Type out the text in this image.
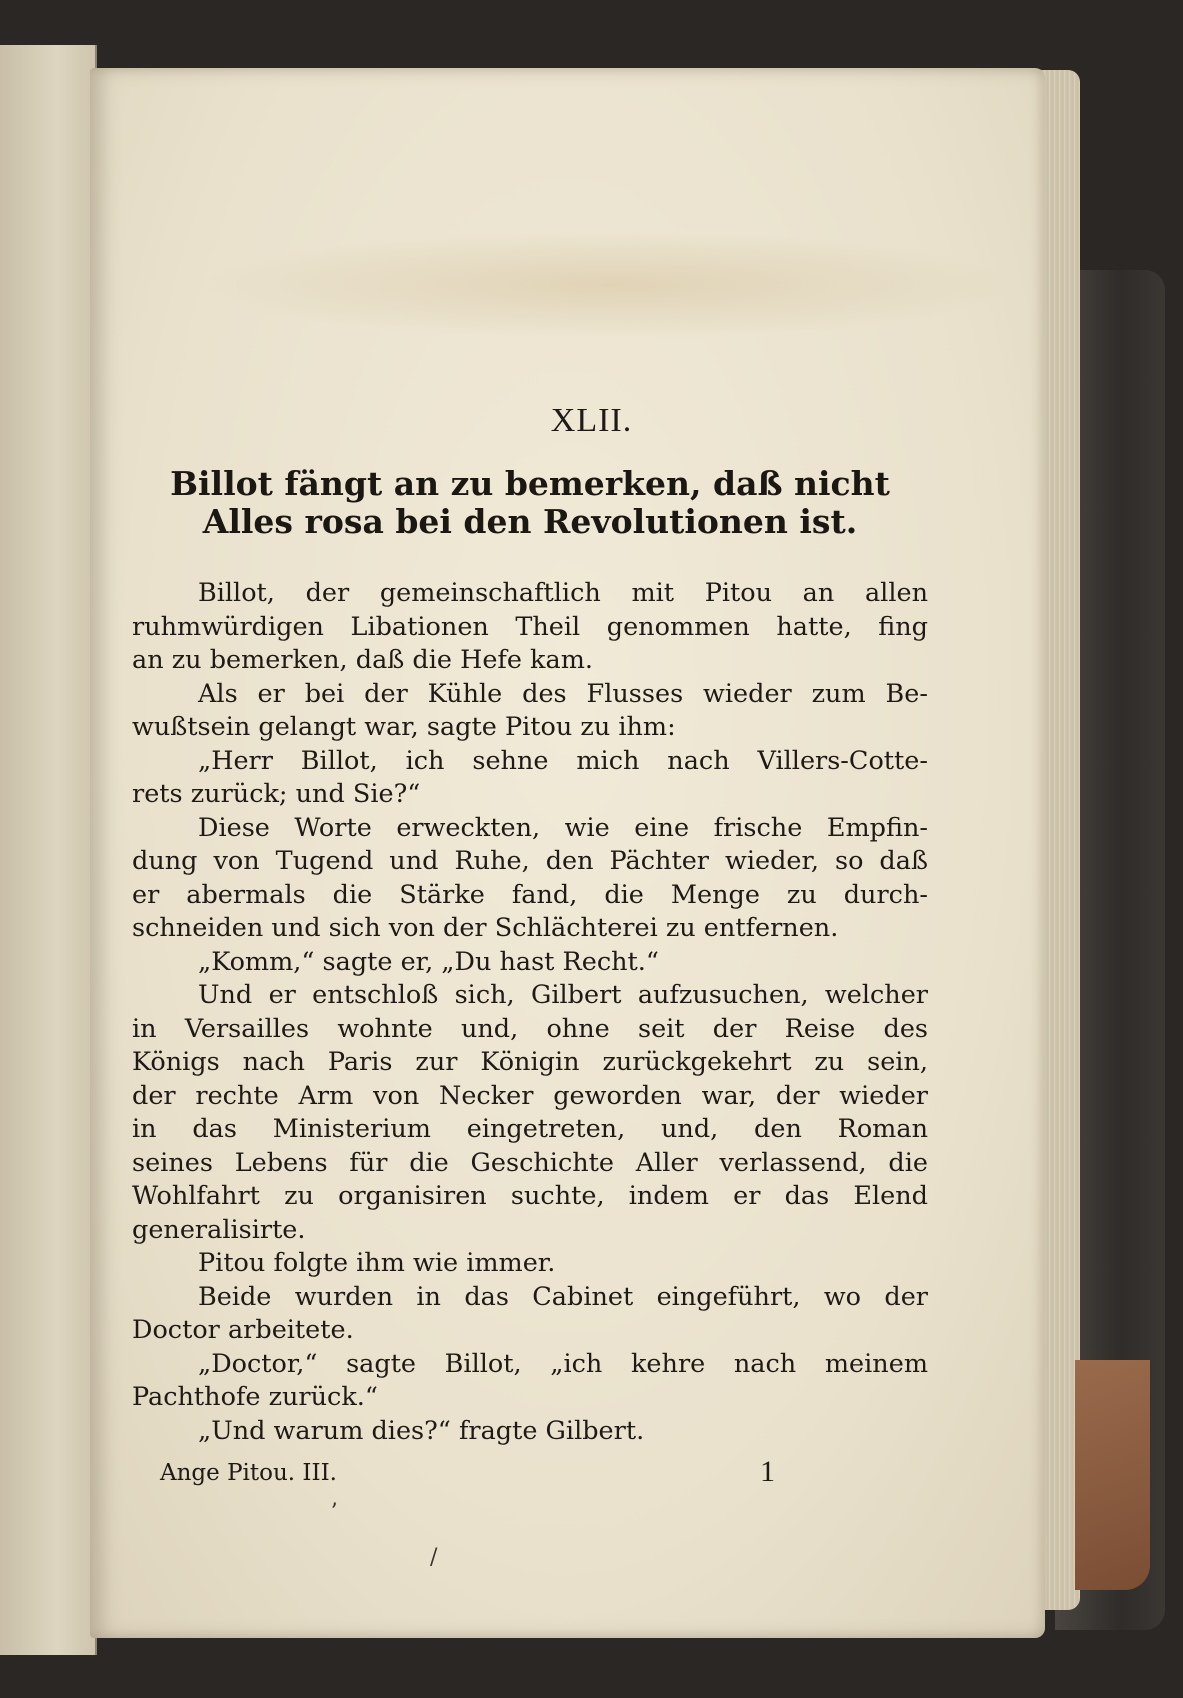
XLII.
Billot fängt an zu bemerken, daß nicht Alles rosa bei den Revolutionen ist.
Billot, der gemeinschaftlich mit Pitou an allen
ruhmwürdigen Libationen Theil genommen hatte, fing
an zu bemerken, daß die Hefe kam.
Als er bei der Kühle des Flusses wieder zum Be-
wußtsein gelangt war, sagte Pitou zu ihm:
„Herr Billot, ich sehne mich nach Villers-Cotte-
rets zurück; und Sie?“
Diese Worte erweckten, wie eine frische Empfin-
dung von Tugend und Ruhe, den Pächter wieder, so daß
er abermals die Stärke fand, die Menge zu durch-
schneiden und sich von der Schlächterei zu entfernen.
„Komm,“ sagte er, „Du hast Recht.“
Und er entschloß sich, Gilbert aufzusuchen, welcher
in Versailles wohnte und, ohne seit der Reise des
Königs nach Paris zur Königin zurückgekehrt zu sein,
der rechte Arm von Necker geworden war, der wieder
in das Ministerium eingetreten, und, den Roman
seines Lebens für die Geschichte Aller verlassend, die
Wohlfahrt zu organisiren suchte, indem er das Elend
generalisirte.
Pitou folgte ihm wie immer.
Beide wurden in das Cabinet eingeführt, wo der
Doctor arbeitete.
„Doctor,“ sagte Billot, „ich kehre nach meinem
Pachthofe zurück.“
„Und warum dies?“ fragte Gilbert.
Ange Pitou. III.	1
ʼ
/
